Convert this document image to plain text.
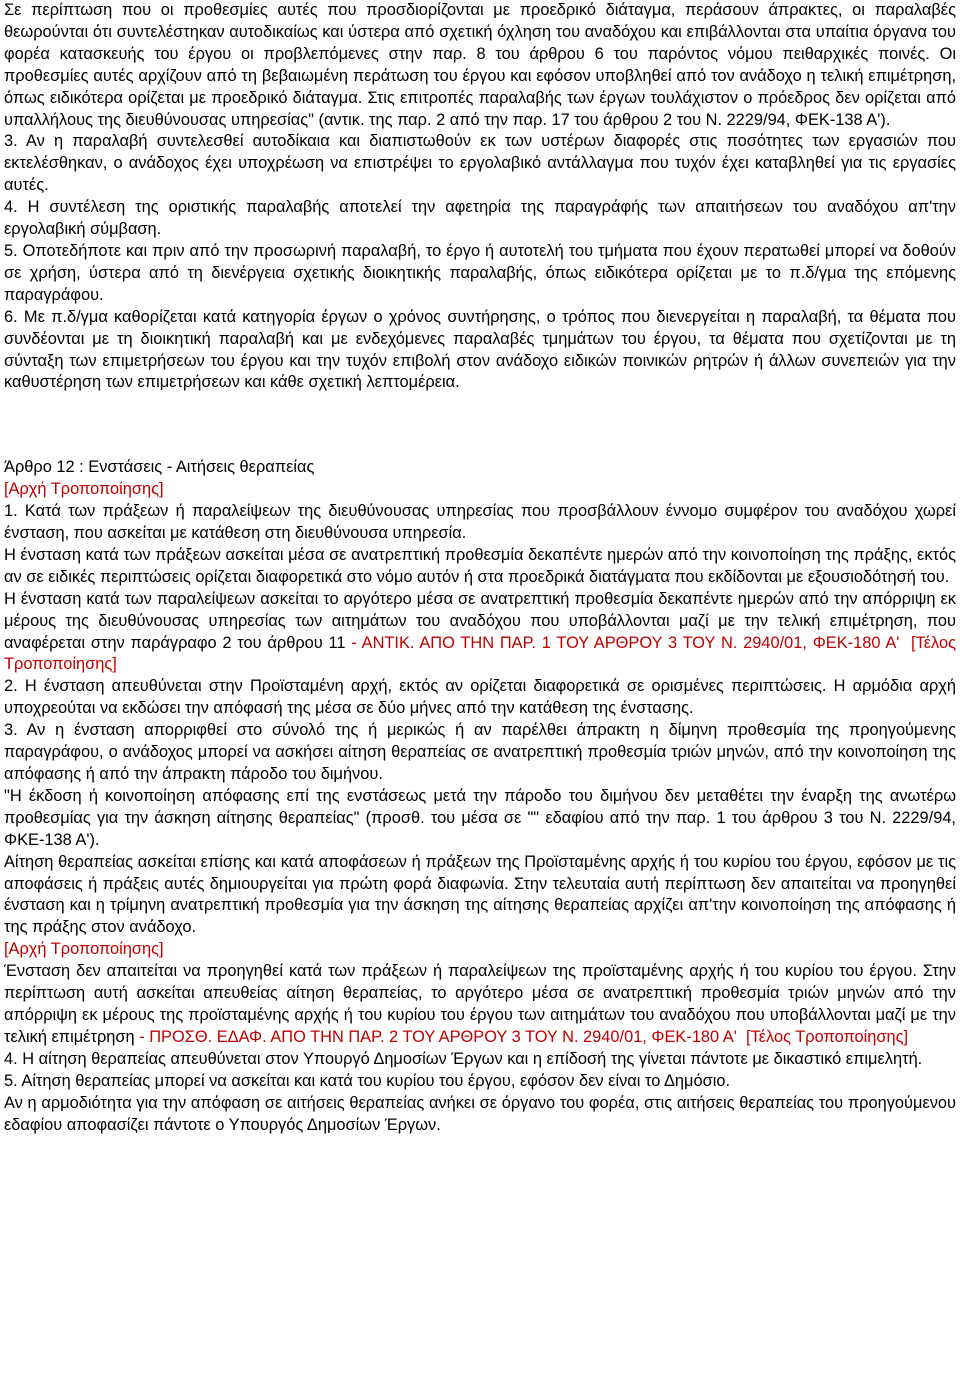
Σε περίπτωση που οι προθεσμίες αυτές που προσδιορίζονται με προεδρικό διάταγμα, περάσουν άπρακτες, οι παραλαβές θεωρούνται ότι συντελέστηκαν αυτοδικαίως και ύστερα από σχετική όχληση του αναδόχου και επιβάλλονται στα υπαίτια όργανα του φορέα κατασκευής του έργου οι προβλεπόμενες στην παρ. 8 του άρθρου 6 του παρόντος νόμου πειθαρχικές ποινές. Οι προθεσμίες αυτές αρχίζουν από τη βεβαιωμένη περάτωση του έργου και εφόσον υποβληθεί από τον ανάδοχο η τελική επιμέτρηση, όπως ειδικότερα ορίζεται με προεδρικό διάταγμα. Στις επιτροπές παραλαβής των έργων τουλάχιστον ο πρόεδρος δεν ορίζεται από υπαλλήλους της διευθύνουσας υπηρεσίας" (αντικ. της παρ. 2 από την παρ. 17 του άρθρου 2 του Ν. 2229/94, ΦΕΚ-138 Α').

3. Αν η παραλαβή συντελεσθεί αυτοδίκαια και διαπιστωθούν εκ των υστέρων διαφορές στις ποσότητες των εργασιών που εκτελέσθηκαν, ο ανάδοχος έχει υποχρέωση να επιστρέψει το εργολαβικό αντάλλαγμα που τυχόν έχει καταβληθεί για τις εργασίες αυτές.

4. Η συντέλεση της οριστικής παραλαβής αποτελεί την αφετηρία της παραγράφής των απαιτήσεων του αναδόχου απ'την εργολαβική σύμβαση.

5. Οποτεδήποτε και πριν από την προσωρινή παραλαβή, το έργο ή αυτοτελή του τμήματα που έχουν περατωθεί μπορεί να δοθούν σε χρήση, ύστερα από τη διενέργεια σχετικής διοικητικής παραλαβής, όπως ειδικότερα ορίζεται με το π.δ/γμα της επόμενης παραγράφου.

6. Με π.δ/γμα καθορίζεται κατά κατηγορία έργων ο χρόνος συντήρησης, ο τρόπος που διενεργείται η παραλαβή, τα θέματα που συνδέονται με τη διοικητική παραλαβή και με ενδεχόμενες παραλαβές τμημάτων του έργου, τα θέματα που σχετίζονται με τη σύνταξη των επιμετρήσεων του έργου και την τυχόν επιβολή στον ανάδοχο ειδικών ποινικών ρητρών ή άλλων συνεπειών για την καθυστέρηση των επιμετρήσεων και κάθε σχετική λεπτομέρεια.

Άρθρο 12 : Ενστάσεις - Αιτήσεις θεραπείας

[Αρχή Τροποποίησης]

1. Κατά των πράξεων ή παραλείψεων της διευθύνουσας υπηρεσίας που προσβάλλουν έννομο συμφέρον του αναδόχου χωρεί ένσταση, που ασκείται με κατάθεση στη διευθύνουσα υπηρεσία.

Η ένσταση κατά των πράξεων ασκείται μέσα σε ανατρεπτική προθεσμία δεκαπέντε ημερών από την κοινοποίηση της πράξης, εκτός αν σε ειδικές περιπτώσεις ορίζεται διαφορετικά στο νόμο αυτόν ή στα προεδρικά διατάγματα που εκδίδονται με εξουσιοδότησή του.

Η ένσταση κατά των παραλείψεων ασκείται το αργότερο μέσα σε ανατρεπτική προθεσμία δεκαπέντε ημερών από την απόρριψη εκ μέρους της διευθύνουσας υπηρεσίας των αιτημάτων του αναδόχου που υποβάλλονται μαζί με την τελική επιμέτρηση, που αναφέρεται στην παράγραφο 2 του άρθρου 11 - ΑΝΤΙΚ. ΑΠΟ ΤΗΝ ΠΑΡ. 1 ΤΟΥ ΑΡΘΡΟΥ 3 ΤΟΥ Ν. 2940/01, ΦΕΚ-180 Α' [Τέλος Τροποποίησης]

2. Η ένσταση απευθύνεται στην Προϊσταμένη αρχή, εκτός αν ορίζεται διαφορετικά σε ορισμένες περιπτώσεις. Η αρμόδια αρχή υποχρεούται να εκδώσει την απόφασή της μέσα σε δύο μήνες από την κατάθεση της ένστασης.

3. Αν η ένσταση απορριφθεί στο σύνολό της ή μερικώς ή αν παρέλθει άπρακτη η δίμηνη προθεσμία της προηγούμενης παραγράφου, ο ανάδοχος μπορεί να ασκήσει αίτηση θεραπείας σε ανατρεπτική προθεσμία τριών μηνών, από την κοινοποίηση της απόφασης ή από την άπρακτη πάροδο του διμήνου.

"Η έκδοση ή κοινοποίηση απόφασης επί της ενστάσεως μετά την πάροδο του διμήνου δεν μεταθέτει την έναρξη της ανωτέρω προθεσμίας για την άσκηση αίτησης θεραπείας" (προσθ. του μέσα σε "" εδαφίου από την παρ. 1 του άρθρου 3 του Ν. 2229/94, ΦΚΕ-138 Α').

Αίτηση θεραπείας ασκείται επίσης και κατά αποφάσεων ή πράξεων της Προϊσταμένης αρχής ή του κυρίου του έργου, εφόσον με τις αποφάσεις ή πράξεις αυτές δημιουργείται για πρώτη φορά διαφωνία. Στην τελευταία αυτή περίπτωση δεν απαιτείται να προηγηθεί ένσταση και η τρίμηνη ανατρεπτική προθεσμία για την άσκηση της αίτησης θεραπείας αρχίζει απ'την κοινοποίηση της απόφασης ή της πράξης στον ανάδοχο.

[Αρχή Τροποποίησης]

Ένσταση δεν απαιτείται να προηγηθεί κατά των πράξεων ή παραλείψεων της προϊσταμένης αρχής ή του κυρίου του έργου. Στην περίπτωση αυτή ασκείται απευθείας αίτηση θεραπείας, το αργότερο μέσα σε ανατρεπτική προθεσμία τριών μηνών από την απόρριψη εκ μέρους της προϊσταμένης αρχής ή του κυρίου του έργου των αιτημάτων του αναδόχου που υποβάλλονται μαζί με την τελική επιμέτρηση - ΠΡΟΣΘ. ΕΔΑΦ. ΑΠΟ ΤΗΝ ΠΑΡ. 2 ΤΟΥ ΑΡΘΡΟΥ 3 ΤΟΥ Ν. 2940/01, ΦΕΚ-180 Α' [Τέλος Τροποποίησης]

4. Η αίτηση θεραπείας απευθύνεται στον Υπουργό Δημοσίων Έργων και η επίδοσή της γίνεται πάντοτε με δικαστικό επιμελητή.

5. Αίτηση θεραπείας μπορεί να ασκείται και κατά του κυρίου του έργου, εφόσον δεν είναι το Δημόσιο.

Αν η αρμοδιότητα για την απόφαση σε αιτήσεις θεραπείας ανήκει σε όργανο του φορέα, στις αιτήσεις θεραπείας του προηγούμενου εδαφίου αποφασίζει πάντοτε ο Υπουργός Δημοσίων Έργων.
